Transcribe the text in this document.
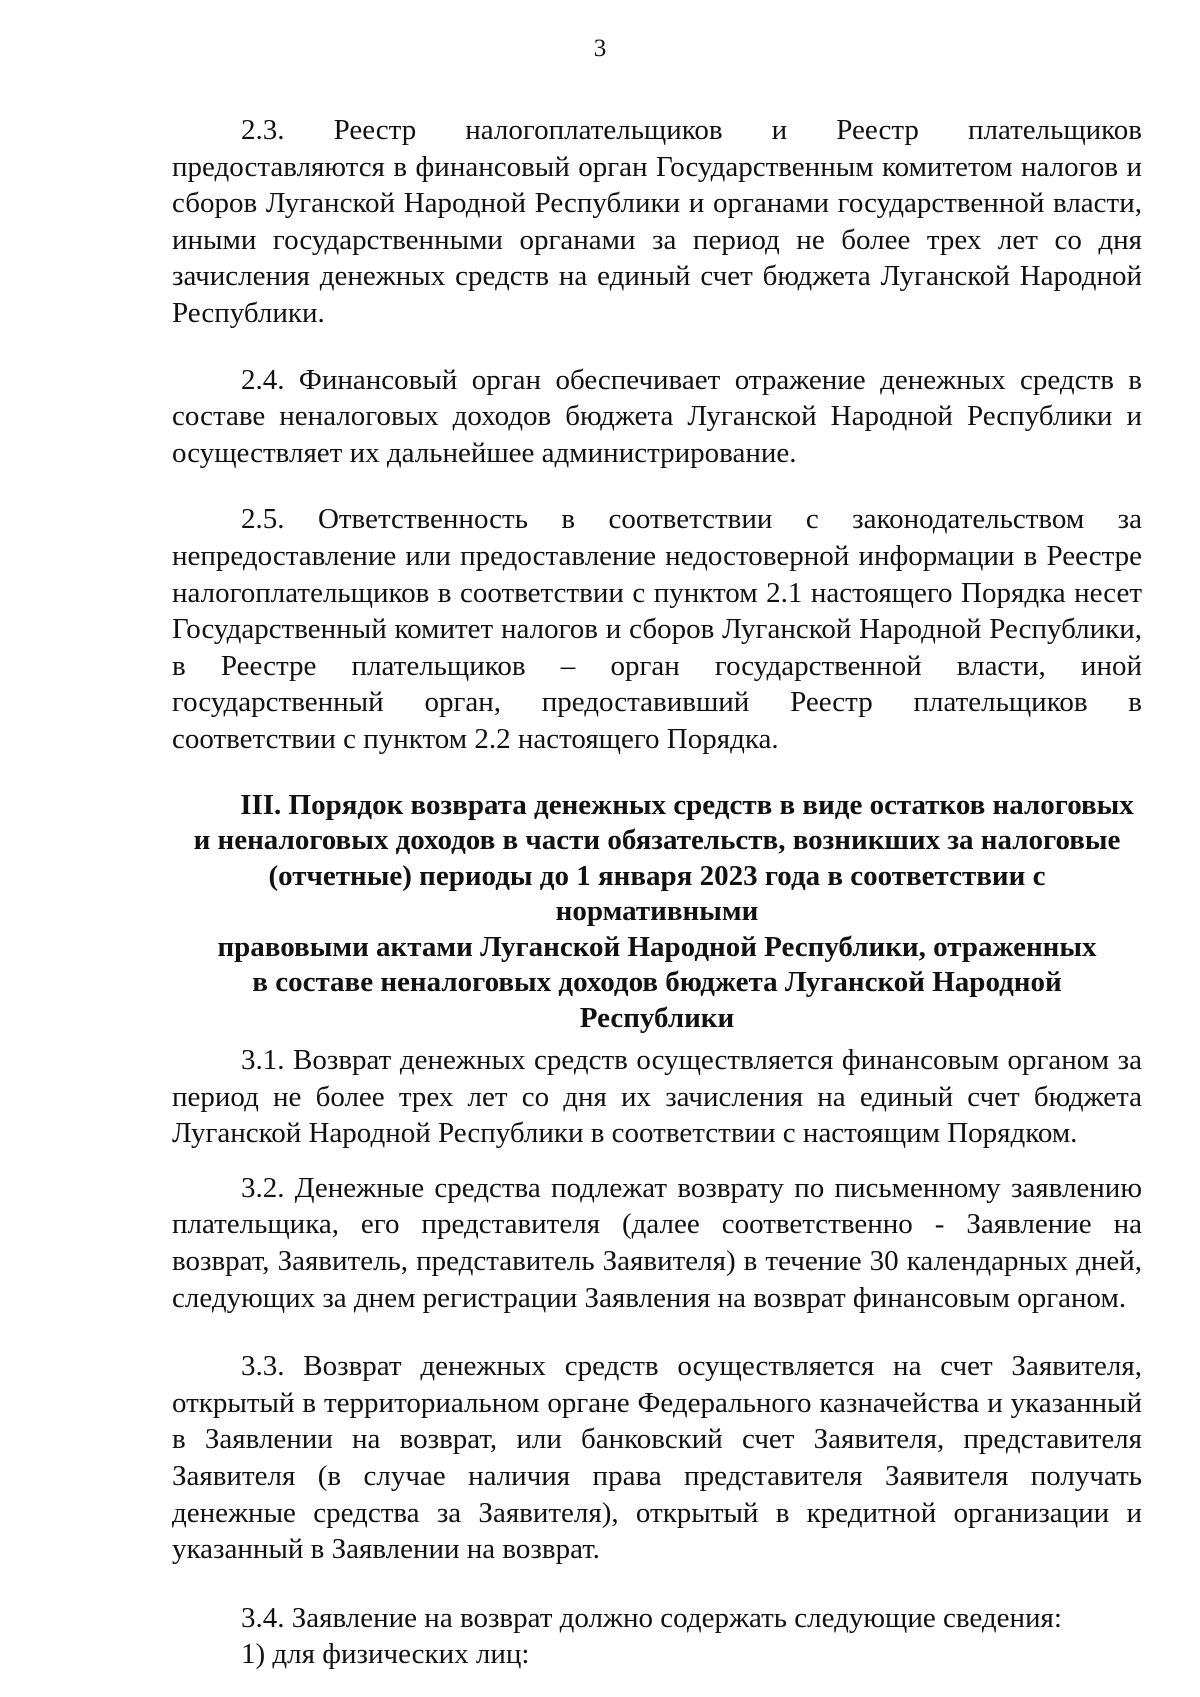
3

2.3. Реестр налогоплательщиков и Реестр плательщиков предоставляются в финансовый орган Государственным комитетом налогов и сборов Луганской Народной Республики и органами государственной власти, иными государственными органами за период не более трех лет со дня зачисления денежных средств на единый счет бюджета Луганской Народной Республики.

2.4. Финансовый орган обеспечивает отражение денежных средств в составе неналоговых доходов бюджета Луганской Народной Республики и осуществляет их дальнейшее администрирование.

2.5. Ответственность в соответствии с законодательством за непредоставление или предоставление недостоверной информации в Реестре налогоплательщиков в соответствии с пунктом 2.1 настоящего Порядка несет Государственный комитет налогов и сборов Луганской Народной Республики, в Реестре плательщиков – орган государственной власти, иной государственный орган, предоставивший Реестр плательщиков в соответствии с пунктом 2.2 настоящего Порядка.

III. Порядок возврата денежных средств в виде остатков налоговых
и неналоговых доходов в части обязательств, возникших за налоговые
(отчетные) периоды до 1 января 2023 года в соответствии с нормативными
правовыми актами Луганской Народной Республики, отраженных
в составе неналоговых доходов бюджета Луганской Народной Республики

3.1. Возврат денежных средств осуществляется финансовым органом за период не более трех лет со дня их зачисления на единый счет бюджета Луганской Народной Республики в соответствии с настоящим Порядком.

3.2. Денежные средства подлежат возврату по письменному заявлению плательщика, его представителя (далее соответственно - Заявление на возврат, Заявитель, представитель Заявителя) в течение 30 календарных дней, следующих за днем регистрации Заявления на возврат финансовым органом.

3.3. Возврат денежных средств осуществляется на счет Заявителя, открытый в территориальном органе Федерального казначейства и указанный в Заявлении на возврат, или банковский счет Заявителя, представителя Заявителя (в случае наличия права представителя Заявителя получать денежные средства за Заявителя), открытый в кредитной организации и указанный в Заявлении на возврат.

3.4. Заявление на возврат должно содержать следующие сведения:

1) для физических лиц:
